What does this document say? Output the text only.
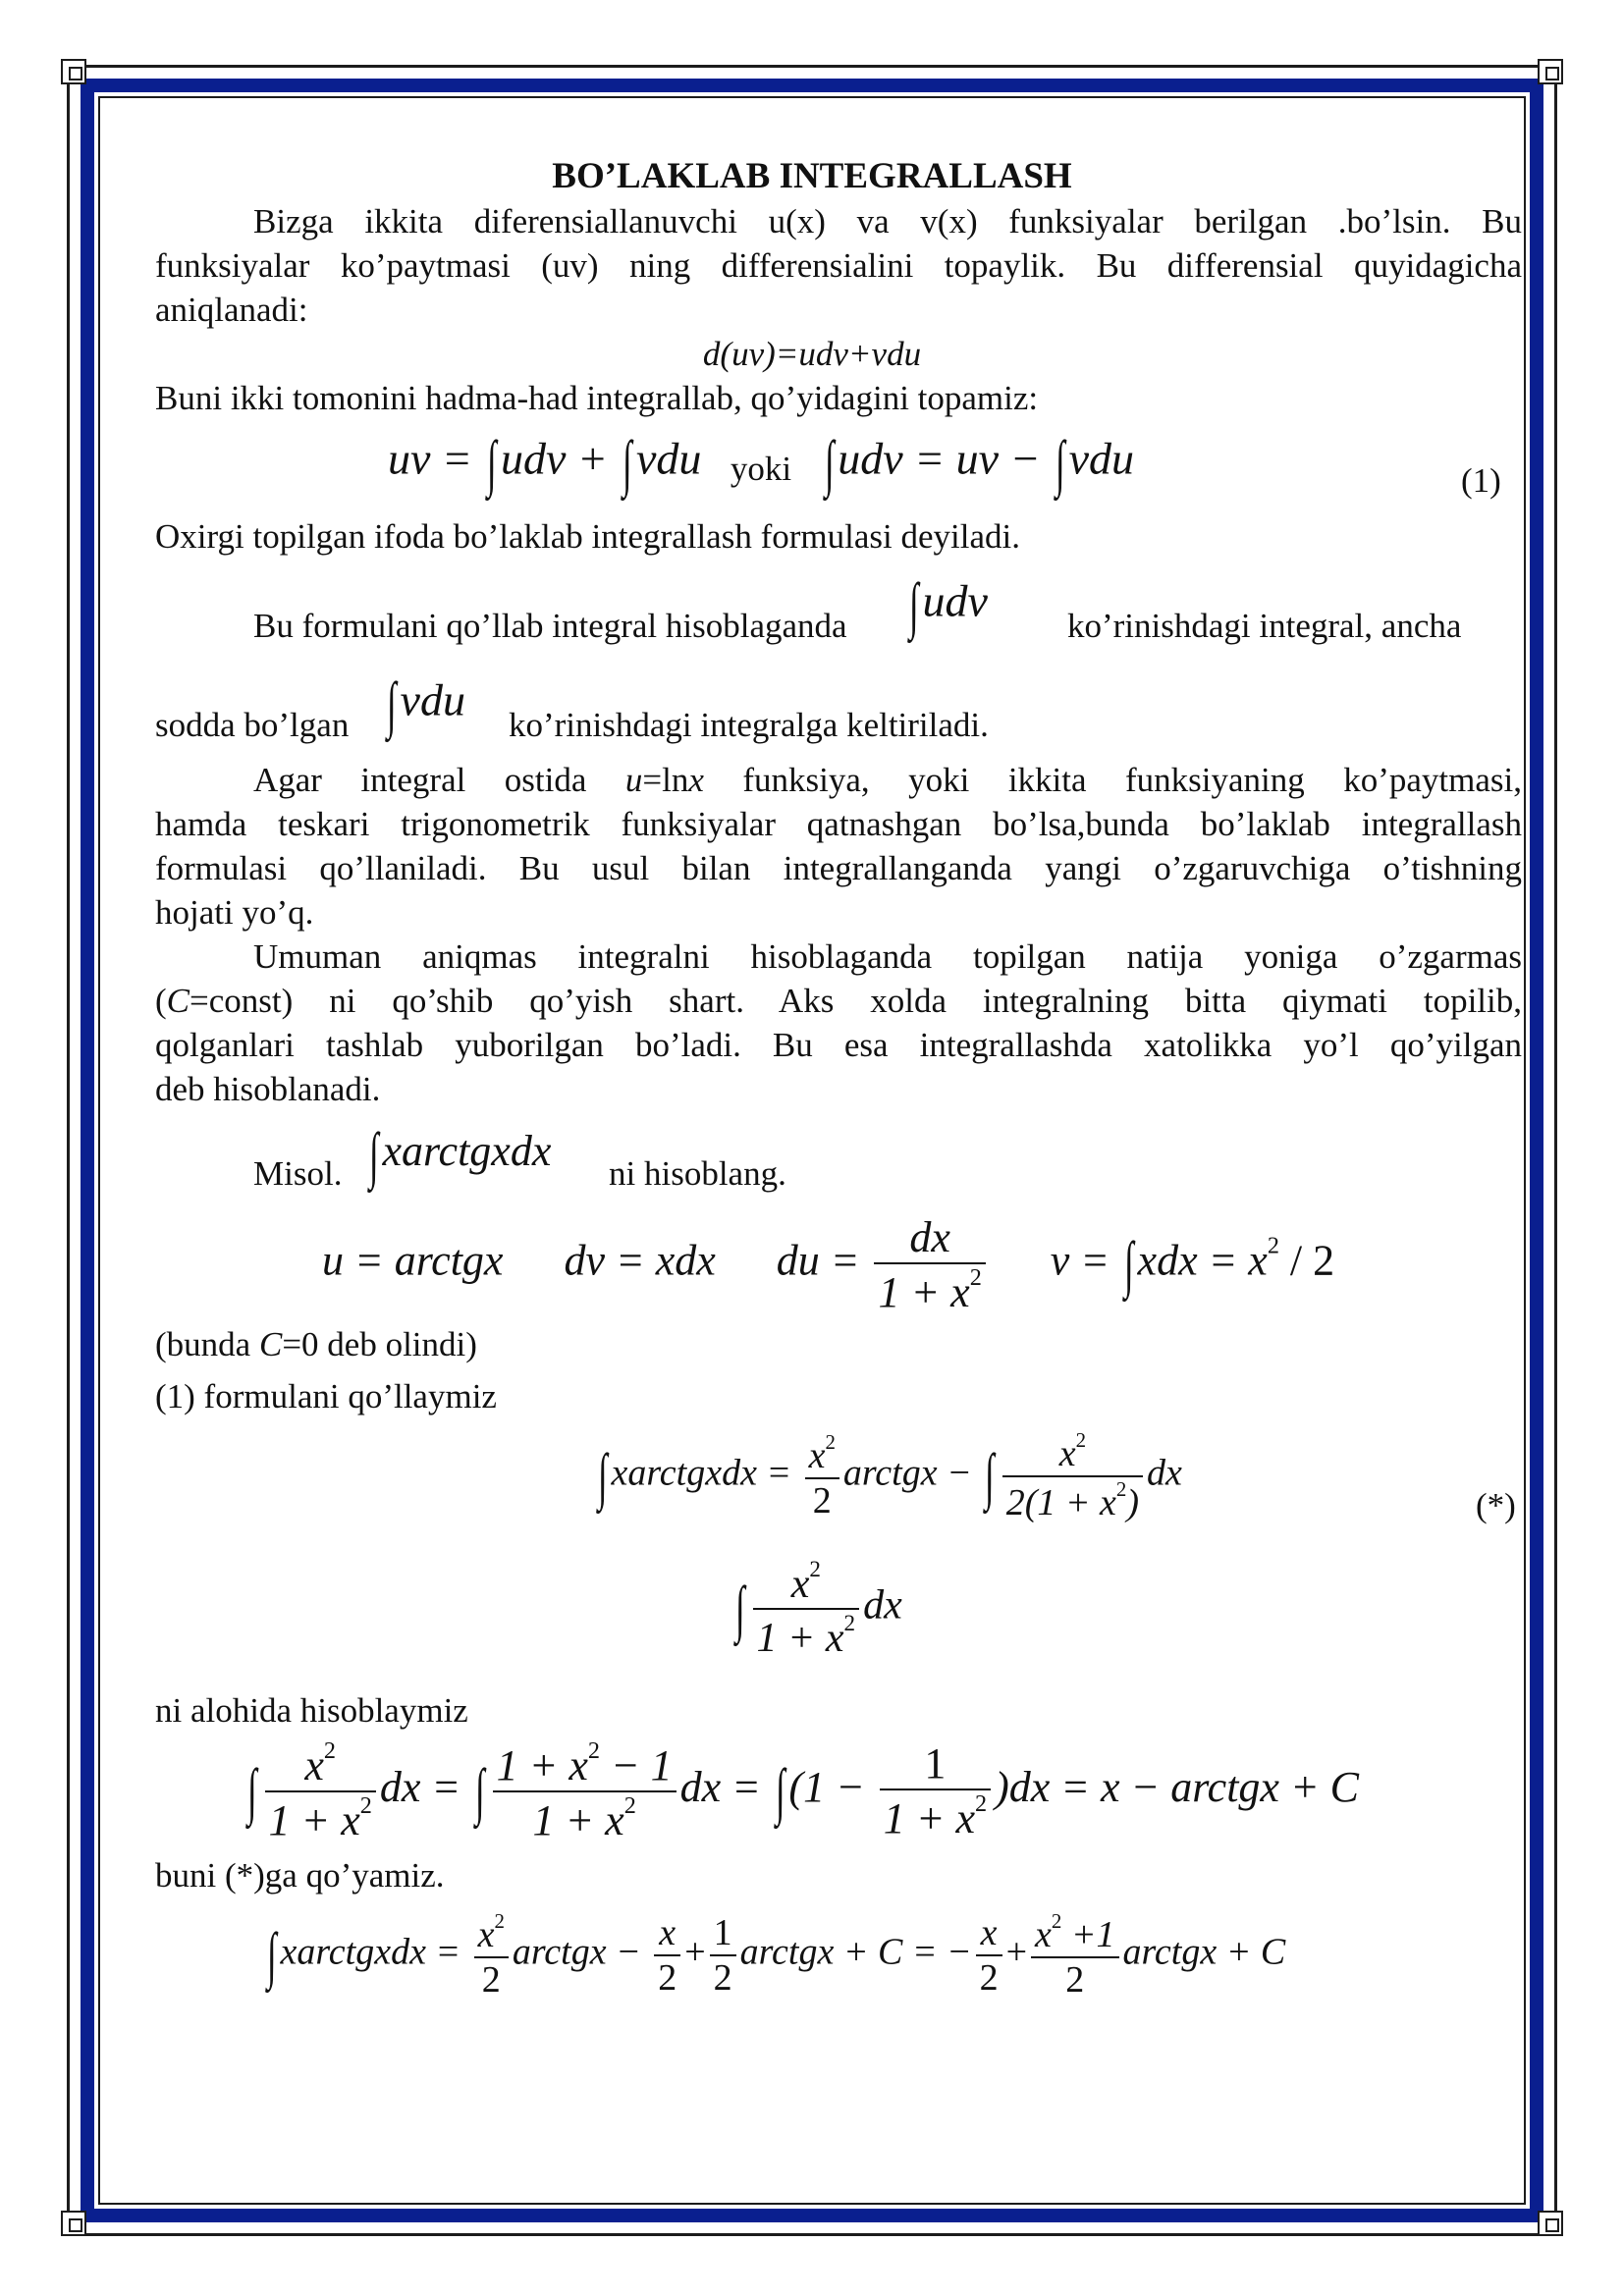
BO’LAKLAB INTEGRALLASH
Bizga ikkita diferensiallanuvchi u(x) va v(x) funksiyalar berilgan .bo’lsin. Bu
funksiyalar ko’paytmasi (uv) ning differensialini topaylik. Bu differensial quyidagicha
aniqlanadi:
d(uv)=udv+vdu
Buni ikki tomonini hadma-had integrallab, qo’yidagini topamiz:
uv = ∫udv + ∫vdu yoki ∫udv = uv − ∫vdu	(1)
Oxirgi topilgan ifoda bo’laklab integrallash formulasi deyiladi.
Bu formulani qo’llab integral hisoblaganda ∫udv ko’rinishdagi integral, ancha
sodda bo’lgan ∫vdu ko’rinishdagi integralga keltiriladi.
Agar integral ostida u=lnx funksiya, yoki ikkita funksiyaning ko’paytmasi,
hamda teskari trigonometrik funksiyalar qatnashgan bo’lsa,bunda bo’laklab integrallash
formulasi qo’llaniladi. Bu usul bilan integrallanganda yangi o’zgaruvchiga o’tishning
hojati yo’q.
Umuman aniqmas integralni hisoblaganda topilgan natija yoniga o’zgarmas
(C=const) ni qo’shib qo’yish shart. Aks xolda integralning bitta qiymati topilib,
qolganlari tashlab yuborilgan bo’ladi. Bu esa integrallashda xatolikka yo’l qo’yilgan
deb hisoblanadi.
Misol. ∫xarctgxdx ni hisoblang.
u = arctgx dv = xdx du = $\frac{dx}{1 + x^2}$ $v = \int xdx = x^2 / 2$
(bunda C=0 deb olindi)
(1) formulani qo’llaymiz
∫ xarctgxdx = $\frac{x^2}{2}$ arctgx − ∫ $\frac{x^2}{2(1 + x^2)}$ dx
(*)
∫ $\frac{x^2}{1 + x^2}$ dx
ni alohida hisoblaymiz
∫ $\frac{x^2}{1 + x^2}$ dx = ∫ $\frac{1 + x^2 - 1}{1 + x^2}$ dx = $\int(1 - \frac{1}{1 + x^2} )dx = x$ − arctgx + C
buni (*)ga qo’yamiz.
∫ xarctgxdx = $\frac{x^2}{2}$ arctgx − $\frac{x}{2} + \frac{1}{2}$ arctgx + C = − $\frac{x}{2} + \frac{x^2 +1}{2}$ arctgx + C
